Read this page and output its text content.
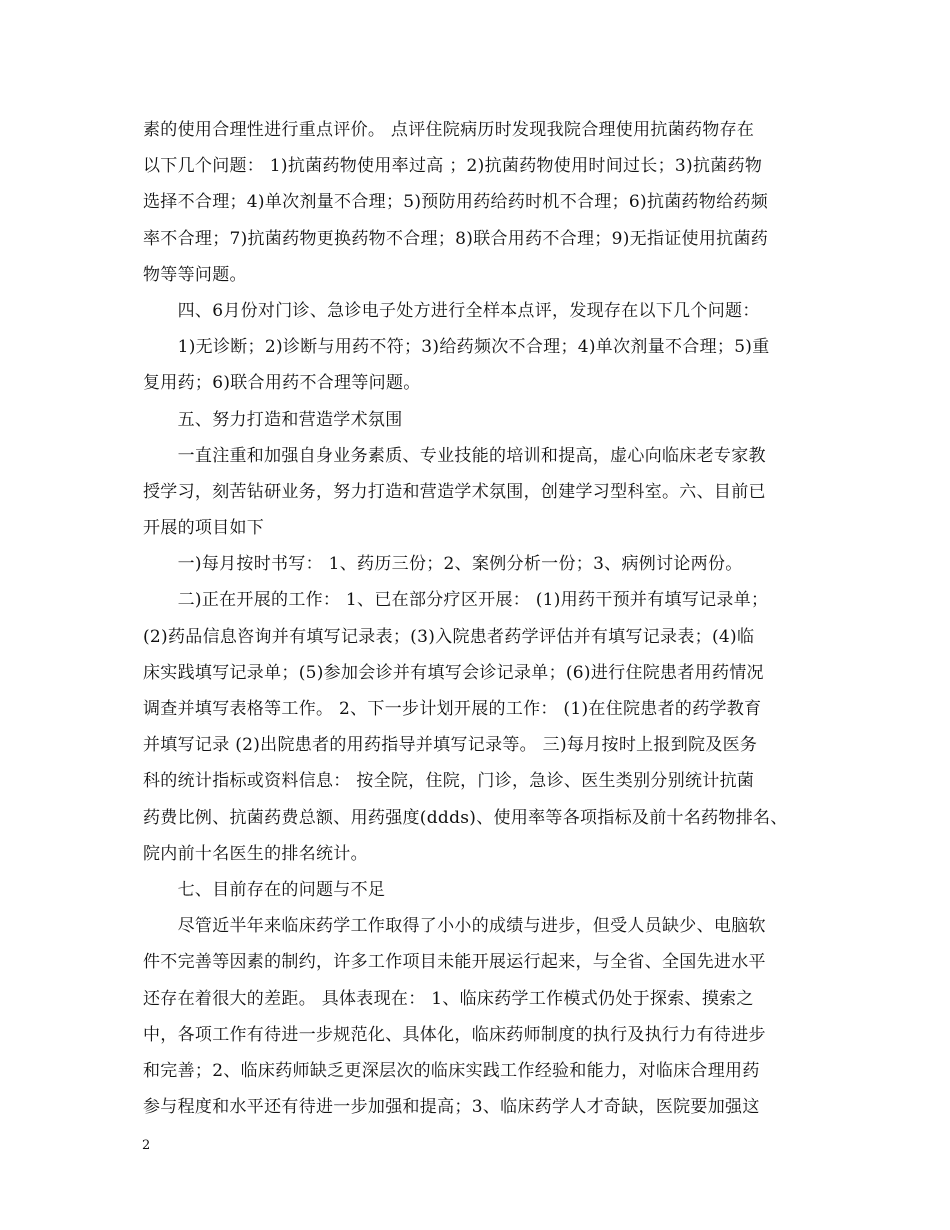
素的使用合理性进行重点评价。 点评住院病历时发现我院合理使用抗菌药物存在
以下几个问题： 1)抗菌药物使用率过高 ；2)抗菌药物使用时间过长；3)抗菌药物
选择不合理；4)单次剂量不合理；5)预防用药给药时机不合理；6)抗菌药物给药频
率不合理；7)抗菌药物更换药物不合理；8)联合用药不合理；9)无指证使用抗菌药
物等等问题。
　　四、6月份对门诊、急诊电子处方进行全样本点评，发现存在以下几个问题：
　　1)无诊断；2)诊断与用药不符；3)给药频次不合理；4)单次剂量不合理；5)重
复用药；6)联合用药不合理等问题。
　　五、努力打造和营造学术氛围
　　一直注重和加强自身业务素质、专业技能的培训和提高，虚心向临床老专家教
授学习，刻苦钻研业务，努力打造和营造学术氛围，创建学习型科室。六、目前已
开展的项目如下
　　一)每月按时书写： 1、药历三份；2、案例分析一份；3、病例讨论两份。
　　二)正在开展的工作： 1、已在部分疗区开展： (1)用药干预并有填写记录单；
(2)药品信息咨询并有填写记录表；(3)入院患者药学评估并有填写记录表；(4)临
床实践填写记录单；(5)参加会诊并有填写会诊记录单；(6)进行住院患者用药情况
调查并填写表格等工作。 2、下一步计划开展的工作： (1)在住院患者的药学教育
并填写记录 (2)出院患者的用药指导并填写记录等。 三)每月按时上报到院及医务
科的统计指标或资料信息： 按全院，住院，门诊，急诊、医生类别分别统计抗菌
药费比例、抗菌药费总额、用药强度(ddds)、使用率等各项指标及前十名药物排名、
院内前十名医生的排名统计。
　　七、目前存在的问题与不足
　　尽管近半年来临床药学工作取得了小小的成绩与进步，但受人员缺少、电脑软
件不完善等因素的制约，许多工作项目未能开展运行起来，与全省、全国先进水平
还存在着很大的差距。 具体表现在： 1、临床药学工作模式仍处于探索、摸索之
中，各项工作有待进一步规范化、具体化，临床药师制度的执行及执行力有待进步
和完善；2、临床药师缺乏更深层次的临床实践工作经验和能力，对临床合理用药
参与程度和水平还有待进一步加强和提高；3、临床药学人才奇缺，医院要加强这
2
